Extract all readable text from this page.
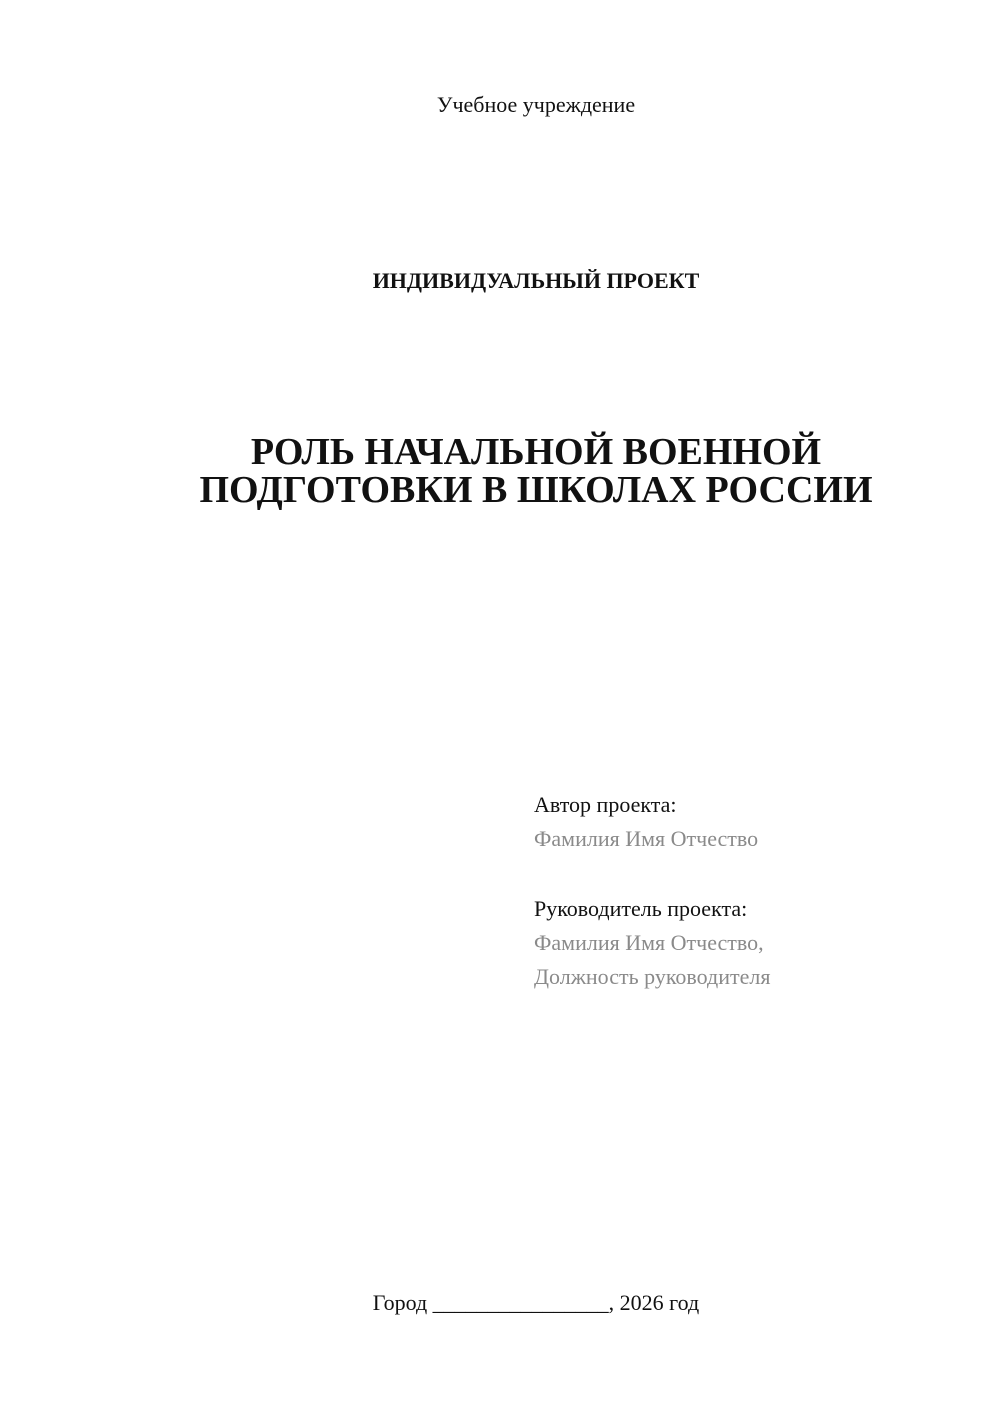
Учебное учреждение
ИНДИВИДУАЛЬНЫЙ ПРОЕКТ
РОЛЬ НАЧАЛЬНОЙ ВОЕННОЙ
ПОДГОТОВКИ В ШКОЛАХ РОССИИ
Автор проекта:
Фамилия Имя Отчество
Руководитель проекта:
Фамилия Имя Отчество,
Должность руководителя
Город ________________, 2026 год
